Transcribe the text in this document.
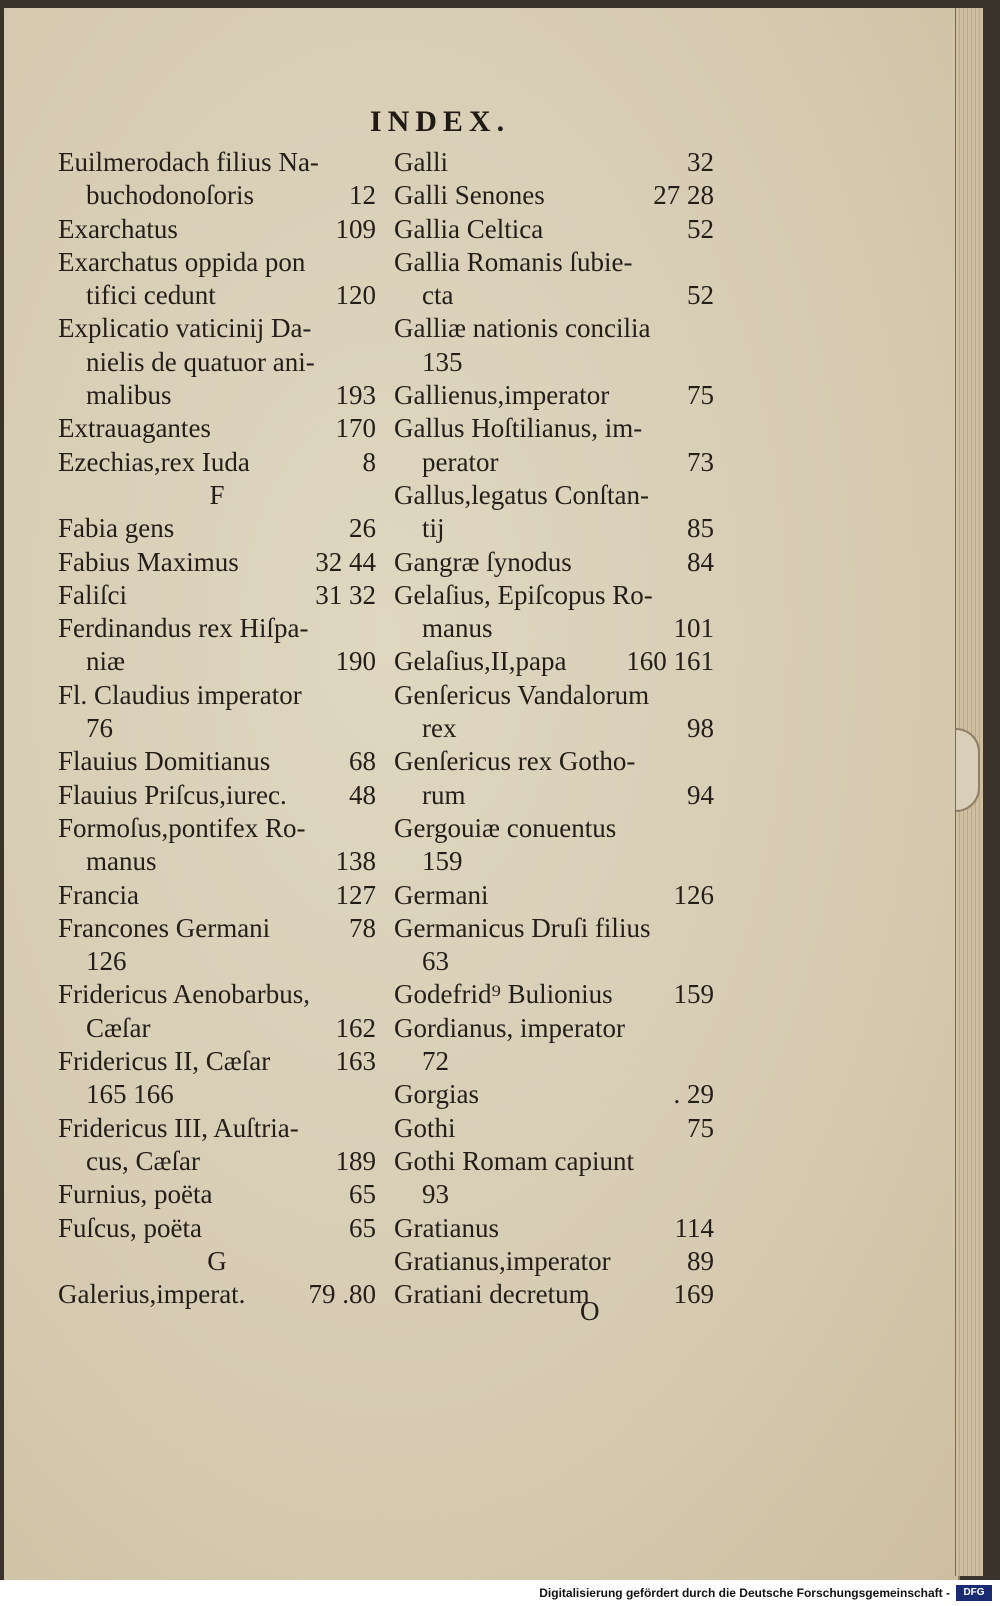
INDEX.
Euilmerodach filius Na-
buchodonoſoris	12
Exarchatus	109
Exarchatus oppida pon
tifici cedunt	120
Explicatio vaticinij Da-
nielis de quatuor ani-
malibus	193
Extrauagantes	170
Ezechias,rex Iuda	8
F
Fabia gens	26
Fabius Maximus	32 44
Faliſci	31 32
Ferdinandus rex Hiſpa-
niæ	190
Fl. Claudius imperator
76
Flauius Domitianus	68
Flauius Priſcus,iurec. 48
Formoſus,pontifex Ro-
manus	138
Francia	127
Francones Germani	78
126
Fridericus Aenobarbus,
Cæſar	162
Fridericus II, Cæſar 163
165 166
Fridericus III, Auſtria-
cus, Cæſar	189
Furnius, poëta	65
Fuſcus, poëta	65
G
Galerius,imperat. 79 .80
Galli	32
Galli Senones	27 28
Gallia Celtica	52
Gallia Romanis ſubie-
cta	52
Galliæ nationis concilia
135
Gallienus,imperator	75
Gallus Hoſtilianus, im-
perator	73
Gallus,legatus Conſtan-
tij	85
Gangræ ſynodus	84
Gelaſius, Epiſcopus Ro-
manus	101
Gelaſius,II,papa 160 161
Genſericus Vandalorum
rex	98
Genſericus rex Gotho-
rum	94
Gergouiæ conuentus
159
Germani	126
Germanicus Druſi filius
63
Godefrid⁹ Bulionius 159
Gordianus, imperator
72
Gorgias	. 29
Gothi	75
Gothi Romam capiunt
93
Gratianus	114
Gratianus,imperator	89
Gratiani decretum	169
O
Digitalisierung gefördert durch die Deutsche Forschungsgemeinschaft -	DFG
